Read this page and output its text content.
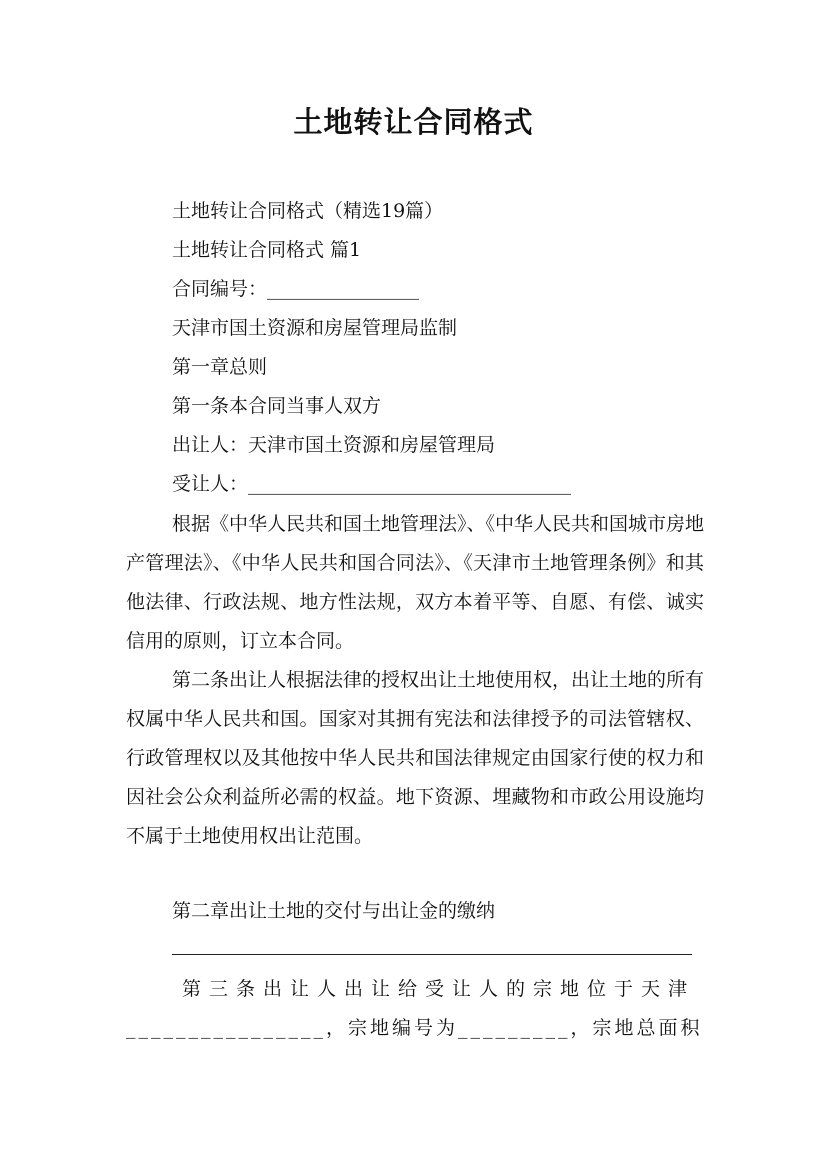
土地转让合同格式

土地转让合同格式（精选19篇）

土地转让合同格式 篇1

合同编号：________________

天津市国土资源和房屋管理局监制

第一章总则

第一条本合同当事人双方

出让人：天津市国土资源和房屋管理局

受让人：__________________________________

根据《中华人民共和国土地管理法》、《中华人民共和国城市房地产管理法》、《中华人民共和国合同法》、《天津市土地管理条例》和其他法律、行政法规、地方性法规，双方本着平等、自愿、有偿、诚实信用的原则，订立本合同。

第二条出让人根据法律的授权出让土地使用权，出让土地的所有权属中华人民共和国。国家对其拥有宪法和法律授予的司法管辖权、行政管理权以及其他按中华人民共和国法律规定由国家行使的权力和因社会公众利益所必需的权益。地下资源、埋藏物和市政公用设施均不属于土地使用权出让范围。

第二章出让土地的交付与出让金的缴纳

第三条出让人出让给受让人的宗地位于天津

________________，宗地编号为_________，宗地总面积
